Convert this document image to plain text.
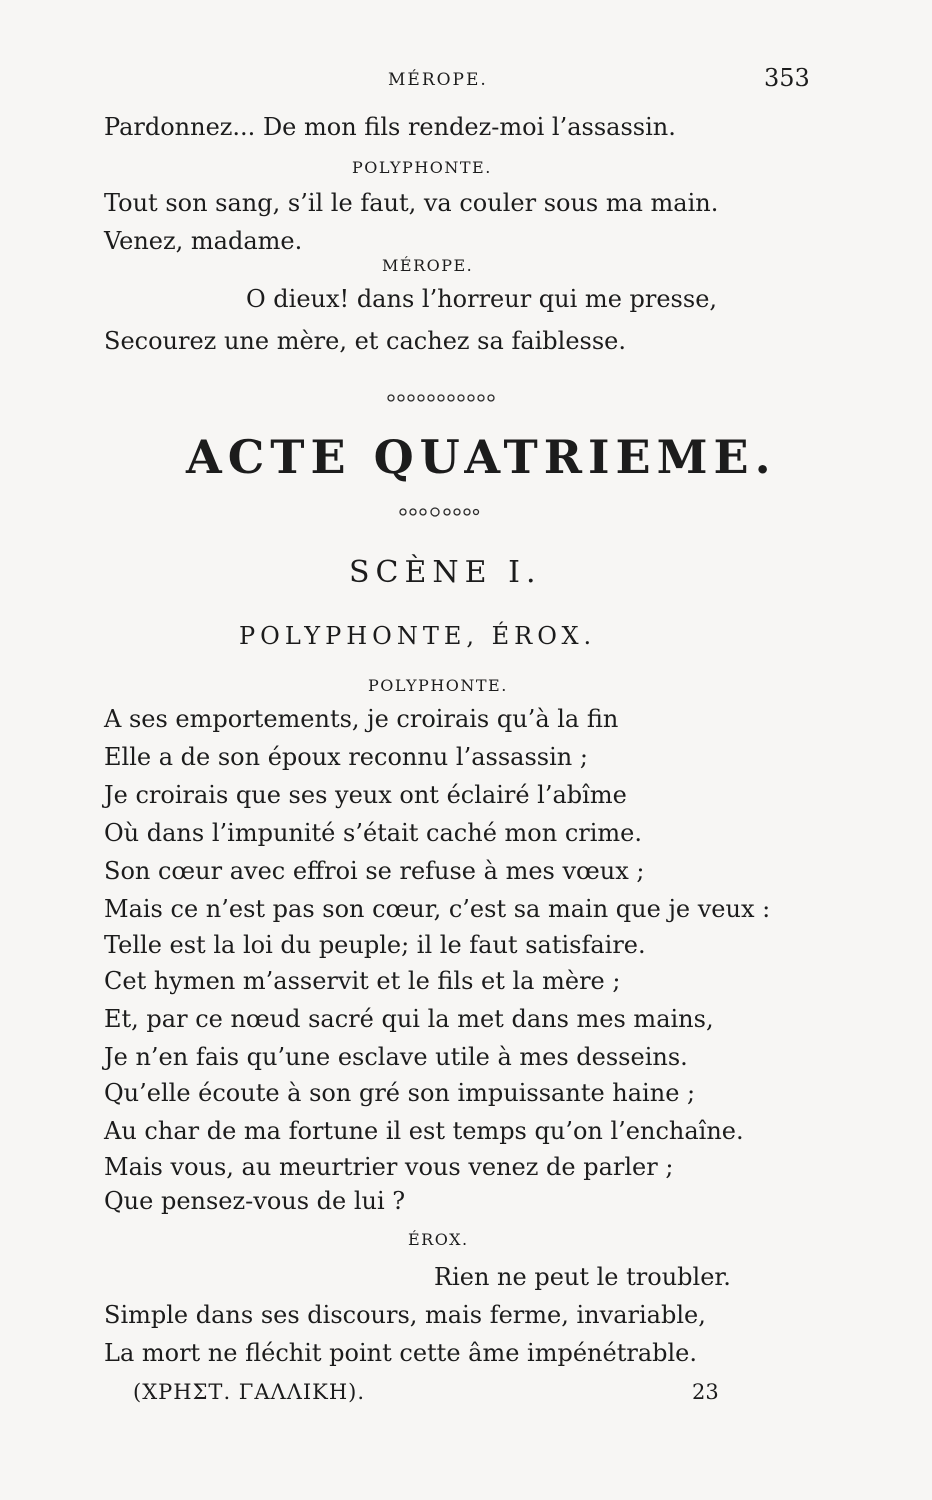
MÉROPE.	353
Pardonnez... De mon fils rendez-moi l’assassin.
POLYPHONTE.
Tout son sang, s’il le faut, va couler sous ma main.
Venez, madame.
MÉROPE.
O dieux! dans l’horreur qui me presse,
Secourez une mère, et cachez sa faiblesse.
ACTE QUATRIEME.
SCÈNE I.
POLYPHONTE, ÉROX.
POLYPHONTE.
A ses emportements, je croirais qu’à la fin
Elle a de son époux reconnu l’assassin ;
Je croirais que ses yeux ont éclairé l’abîme
Où dans l’impunité s’était caché mon crime.
Son cœur avec effroi se refuse à mes vœux ;
Mais ce n’est pas son cœur, c’est sa main que je veux :
Telle est la loi du peuple; il le faut satisfaire.
Cet hymen m’asservit et le fils et la mère ;
Et, par ce nœud sacré qui la met dans mes mains,
Je n’en fais qu’une esclave utile à mes desseins.
Qu’elle écoute à son gré son impuissante haine ;
Au char de ma fortune il est temps qu’on l’enchaîne.
Mais vous, au meurtrier vous venez de parler ;
Que pensez-vous de lui ?
ÉROX.
Rien ne peut le troubler.
Simple dans ses discours, mais ferme, invariable,
La mort ne fléchit point cette âme impénétrable.
(ΧΡΗΣΤ. ΓΑΛΛΙΚΗ).	23
